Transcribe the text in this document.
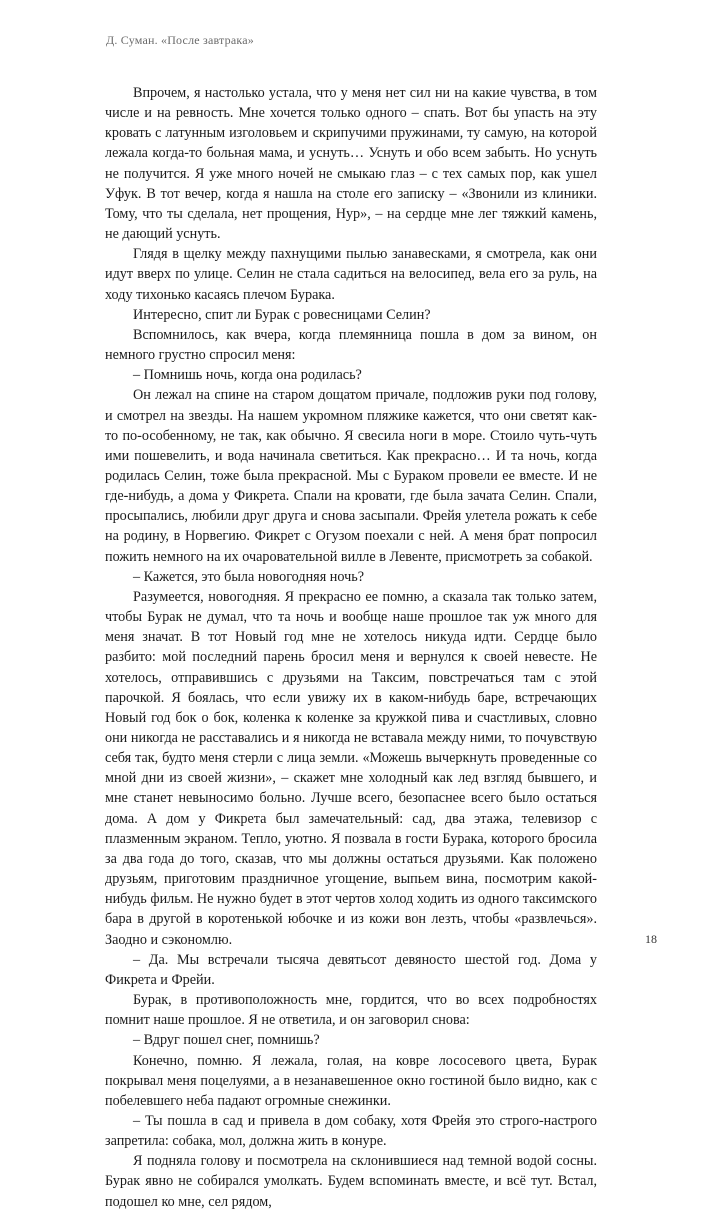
Д. Суман. «После завтрака»

Впрочем, я настолько устала, что у меня нет сил ни на какие чувства, в том числе и на ревность. Мне хочется только одного – спать. Вот бы упасть на эту кровать с латунным изголовьем и скрипучими пружинами, ту самую, на которой лежала когда-то больная мама, и уснуть… Уснуть и обо всем забыть. Но уснуть не получится. Я уже много ночей не смыкаю глаз – с тех самых пор, как ушел Уфук. В тот вечер, когда я нашла на столе его записку – «Звонили из клиники. Тому, что ты сделала, нет прощения, Нур», – на сердце мне лег тяжкий камень, не дающий уснуть.

Глядя в щелку между пахнущими пылью занавесками, я смотрела, как они идут вверх по улице. Селин не стала садиться на велосипед, вела его за руль, на ходу тихонько касаясь плечом Бурака.

Интересно, спит ли Бурак с ровесницами Селин?

Вспомнилось, как вчера, когда племянница пошла в дом за вином, он немного грустно спросил меня:

– Помнишь ночь, когда она родилась?

Он лежал на спине на старом дощатом причале, подложив руки под голову, и смотрел на звезды. На нашем укромном пляжике кажется, что они светят как-то по-особенному, не так, как обычно. Я свесила ноги в море. Стоило чуть-чуть ими пошевелить, и вода начинала светиться. Как прекрасно… И та ночь, когда родилась Селин, тоже была прекрасной. Мы с Бураком провели ее вместе. И не где-нибудь, а дома у Фикрета. Спали на кровати, где была зачата Селин. Спали, просыпались, любили друг друга и снова засыпали. Фрейя улетела рожать к себе на родину, в Норвегию. Фикрет с Огузом поехали с ней. А меня брат попросил пожить немного на их очаровательной вилле в Левенте, присмотреть за собакой.

– Кажется, это была новогодняя ночь?

Разумеется, новогодняя. Я прекрасно ее помню, а сказала так только затем, чтобы Бурак не думал, что та ночь и вообще наше прошлое так уж много для меня значат. В тот Новый год мне не хотелось никуда идти. Сердце было разбито: мой последний парень бросил меня и вернулся к своей невесте. Не хотелось, отправившись с друзьями на Таксим, повстречаться там с этой парочкой. Я боялась, что если увижу их в каком-нибудь баре, встречающих Новый год бок о бок, коленка к коленке за кружкой пива и счастливых, словно они никогда не расставались и я никогда не вставала между ними, то почувствую себя так, будто меня стерли с лица земли. «Можешь вычеркнуть проведенные со мной дни из своей жизни», – скажет мне холодный как лед взгляд бывшего, и мне станет невыносимо больно. Лучше всего, безопаснее всего было остаться дома. А дом у Фикрета был замечательный: сад, два этажа, телевизор с плазменным экраном. Тепло, уютно. Я позвала в гости Бурака, которого бросила за два года до того, сказав, что мы должны остаться друзьями. Как положено друзьям, приготовим праздничное угощение, выпьем вина, посмотрим какой-нибудь фильм. Не нужно будет в этот чертов холод ходить из одного таксимского бара в другой в коротенькой юбочке и из кожи вон лезть, чтобы «развлечься». Заодно и сэкономлю.

– Да. Мы встречали тысяча девятьсот девяносто шестой год. Дома у Фикрета и Фрейи.

Бурак, в противоположность мне, гордится, что во всех подробностях помнит наше прошлое. Я не ответила, и он заговорил снова:

– Вдруг пошел снег, помнишь?

Конечно, помню. Я лежала, голая, на ковре лососевого цвета, Бурак покрывал меня поцелуями, а в незанавешенное окно гостиной было видно, как с побелевшего неба падают огромные снежинки.

– Ты пошла в сад и привела в дом собаку, хотя Фрейя это строго-настрого запретила: собака, мол, должна жить в конуре.

Я подняла голову и посмотрела на склонившиеся над темной водой сосны. Бурак явно не собирался умолкать. Будем вспоминать вместе, и всё тут. Встал, подошел ко мне, сел рядом,

18
